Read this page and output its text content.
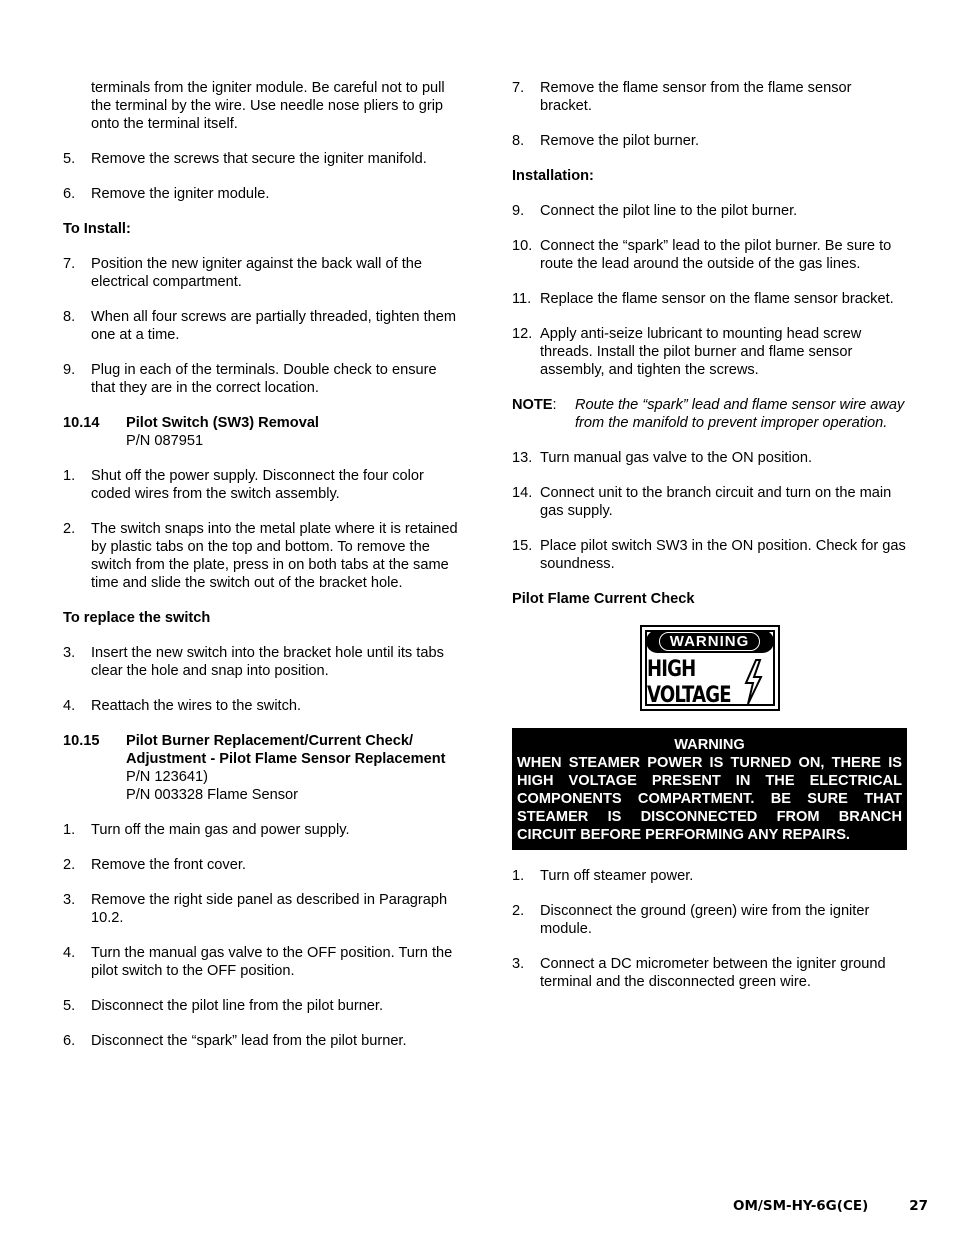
terminals from the igniter module. Be careful not to pull the terminal by the wire. Use needle nose pliers to grip onto the terminal itself.
5.	Remove the screws that secure the igniter manifold.
6.	Remove the igniter module.
To Install:
7.	Position the new igniter against the back wall of the electrical compartment.
8.	When all four screws are partially threaded, tighten them one at a time.
9.	Plug in each of the terminals. Double check to ensure that they are in the correct location.
10.14	Pilot Switch (SW3) Removal
P/N 087951
1.	Shut off the power supply. Disconnect the four color coded wires from the switch assembly.
2.	The switch snaps into the metal plate where it is retained by plastic tabs on the top and bottom. To remove the switch from the plate, press in on both tabs at the same time and slide the switch out of the bracket hole.
To replace the switch
3.	Insert the new switch into the bracket hole until its tabs clear the hole and snap into position.
4.	Reattach the wires to the switch.
10.15	Pilot Burner Replacement/Current Check/ Adjustment - Pilot Flame Sensor Replacement
P/N 123641)
P/N 003328 Flame Sensor
1.	Turn off the main gas and power supply.
2.	Remove the front cover.
3.	Remove the right side panel as described in Paragraph 10.2.
4.	Turn the manual gas valve to the OFF position. Turn the pilot switch to the OFF position.
5.	Disconnect the pilot line from the pilot burner.
6.	Disconnect the “spark” lead from the pilot burner.
7.	Remove the flame sensor from the flame sensor bracket.
8.	Remove the pilot burner.
Installation:
9.	Connect the pilot line to the pilot burner.
10. Connect the “spark” lead to the pilot burner. Be sure to route the lead around the outside of the gas lines.
11. Replace the flame sensor on the flame sensor bracket.
12. Apply anti-seize lubricant to mounting head screw threads. Install the pilot burner and flame sensor assembly, and tighten the screws.
NOTE:	Route the “spark” lead and flame sensor wire away from the manifold to prevent improper operation.
13. Turn manual gas valve to the ON position.
14. Connect unit to the branch circuit and turn on the main gas supply.
15. Place pilot switch SW3 in the ON position. Check for gas soundness.
Pilot Flame Current Check
WARNING
HIGH
VOLTAGE
WARNING
WHEN STEAMER POWER IS TURNED ON, THERE IS HIGH VOLTAGE PRESENT IN THE ELECTRICAL COMPONENTS COMPARTMENT. BE SURE THAT STEAMER IS DISCONNECTED FROM BRANCH CIRCUIT BEFORE PERFORMING ANY REPAIRS.
1.	Turn off steamer power.
2.	Disconnect the ground (green) wire from the igniter module.
3.	Connect a DC micrometer between the igniter ground terminal and the disconnected green wire.
OM/SM-HY-6G(CE)	27
